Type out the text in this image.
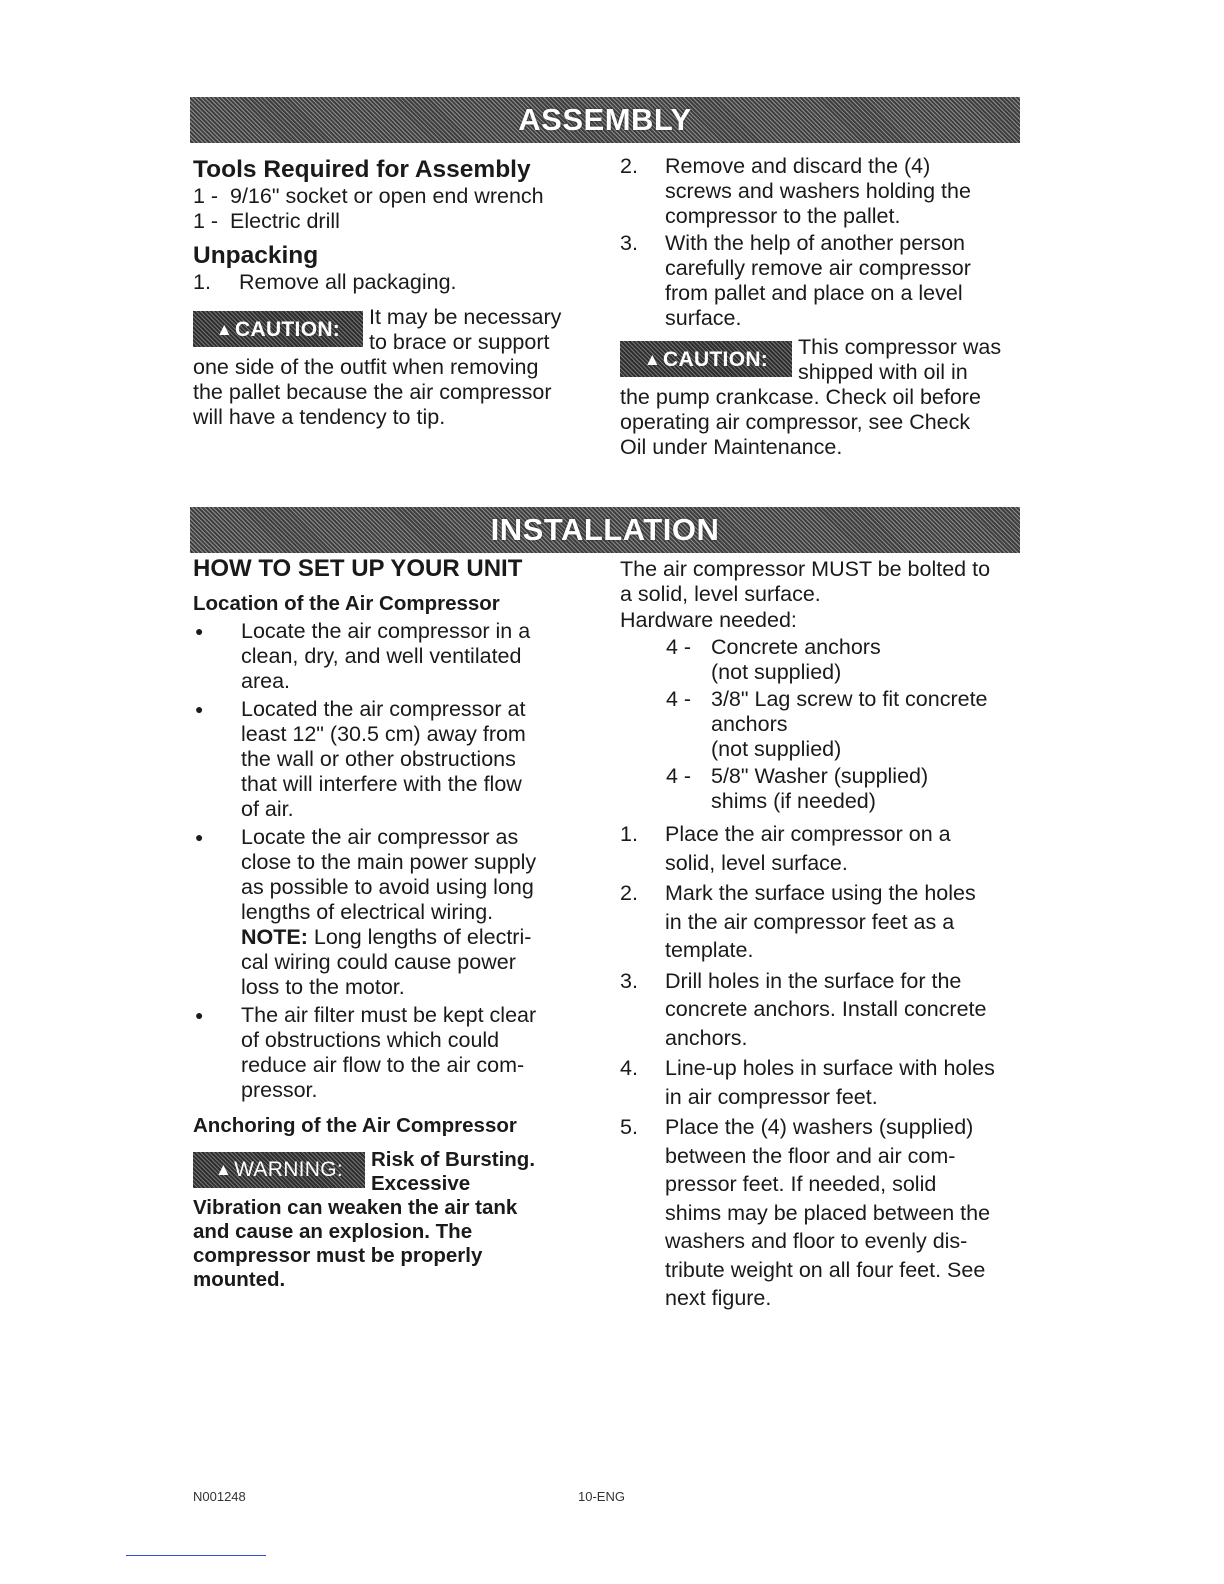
ASSEMBLY
Tools Required for Assembly
1 - 9/16" socket or open end wrench
1 - Electric drill
Unpacking
1.	Remove all packaging.
▲ CAUTION:	It may be necessary
to brace or support
one side of the outfit when removing
the pallet because the air compressor
will have a tendency to tip.
2.	Remove and discard the (4)
screws and washers holding the
compressor to the pallet.
3.	With the help of another person
carefully remove air compressor
from pallet and place on a level
surface.
▲ CAUTION:	This compressor was
shipped with oil in
the pump crankcase. Check oil before
operating air compressor, see Check
Oil under Maintenance.
INSTALLATION
HOW TO SET UP YOUR UNIT
Location of the Air Compressor
●	Locate the air compressor in a
clean, dry, and well ventilated
area.
●	Located the air compressor at
least 12" (30.5 cm) away from
the wall or other obstructions
that will interfere with the flow
of air.
●	Locate the air compressor as
close to the main power supply
as possible to avoid using long
lengths of electrical wiring.
NOTE: Long lengths of electri-
cal wiring could cause power
loss to the motor.
●	The air filter must be kept clear
of obstructions which could
reduce air flow to the air com-
pressor.
Anchoring of the Air Compressor
▲ WARNING:	Risk of Bursting.
Excessive
Vibration can weaken the air tank
and cause an explosion. The
compressor must be properly
mounted.
The air compressor MUST be bolted to
a solid, level surface.
Hardware needed:
4 - Concrete anchors
(not supplied)
4 - 3/8" Lag screw to fit concrete
anchors
(not supplied)
4 - 5/8" Washer (supplied)
shims (if needed)
1.	Place the air compressor on a
solid, level surface.
2.	Mark the surface using the holes
in the air compressor feet as a
template.
3.	Drill holes in the surface for the
concrete anchors. Install concrete
anchors.
4.	Line-up holes in surface with holes
in air compressor feet.
5.	Place the (4) washers (supplied)
between the floor and air com-
pressor feet. If needed, solid
shims may be placed between the
washers and floor to evenly dis-
tribute weight on all four feet. See
next figure.
N001248	10-ENG
